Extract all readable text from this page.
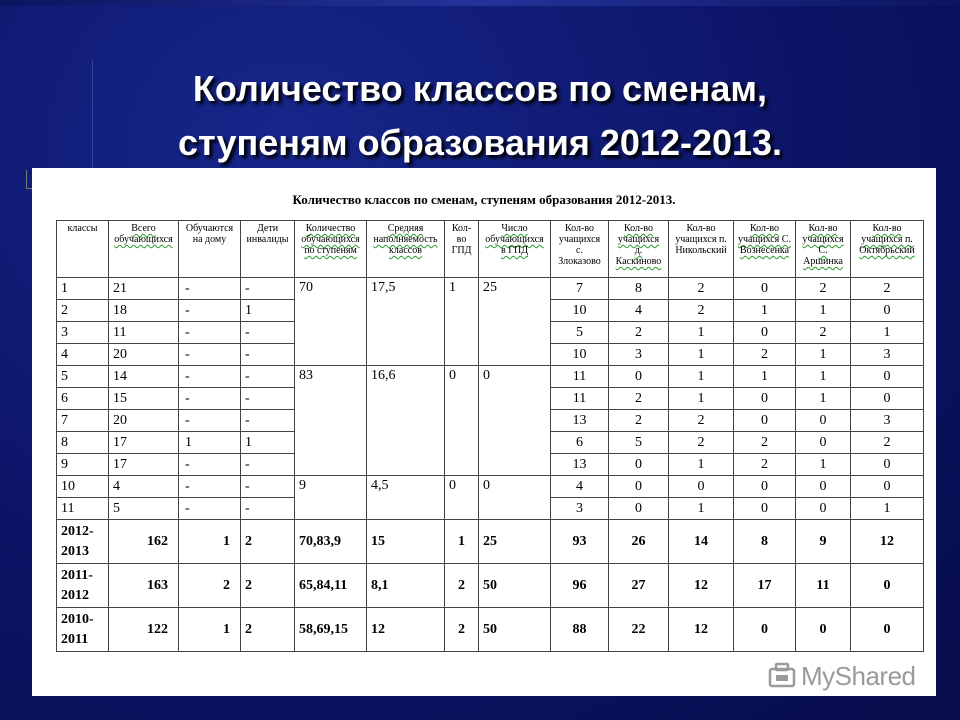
Количество классов по сменам,
ступеням образования 2012-2013.
Количество классов по сменам, ступеням образования 2012-2013.
классы	Всего обучающихся	Обучаются на дому	Дети инвалиды	Количество обучающихся по ступеням	Средняя наполняемость классов	Кол-во ГПД	Число обучающихся в ГПД	Кол-во учащихся с. Злоказово	Кол-во учащихся д. Каскиново	Кол-во учащихся п. Никольский	Кол-во учащихся С. Вознесенка	Кол-во учащихся С. Аршинка	Кол-во учащихся п. Октябрьский
1	21	-	-	70	17,5	1	25	7	8	2	0	2	2
2	18	-	1					10	4	2	1	1	0
3	11	-	-					5	2	1	0	2	1
4	20	-	-					10	3	1	2	1	3
5	14	-	-	83	16,6	0	0	11	0	1	1	1	0
6	15	-	-					11	2	1	0	1	0
7	20	-	-					13	2	2	0	0	3
8	17	1	1					6	5	2	2	0	2
9	17	-	-					13	0	1	2	1	0
10	4	-	-	9	4,5	0	0	4	0	0	0	0	0
11	5	-	-					3	0	1	0	0	1

2012-
2013	162	1	2	70,83,9	15	1	25	93	26	14	8	9	12

2011-
2012	163	2	2	65,84,11	8,1	2	50	96	27	12	17	11	0

2010-
2011	122	1	2	58,69,15	12	2	50	88	22	12	0	0	0
MyShared
